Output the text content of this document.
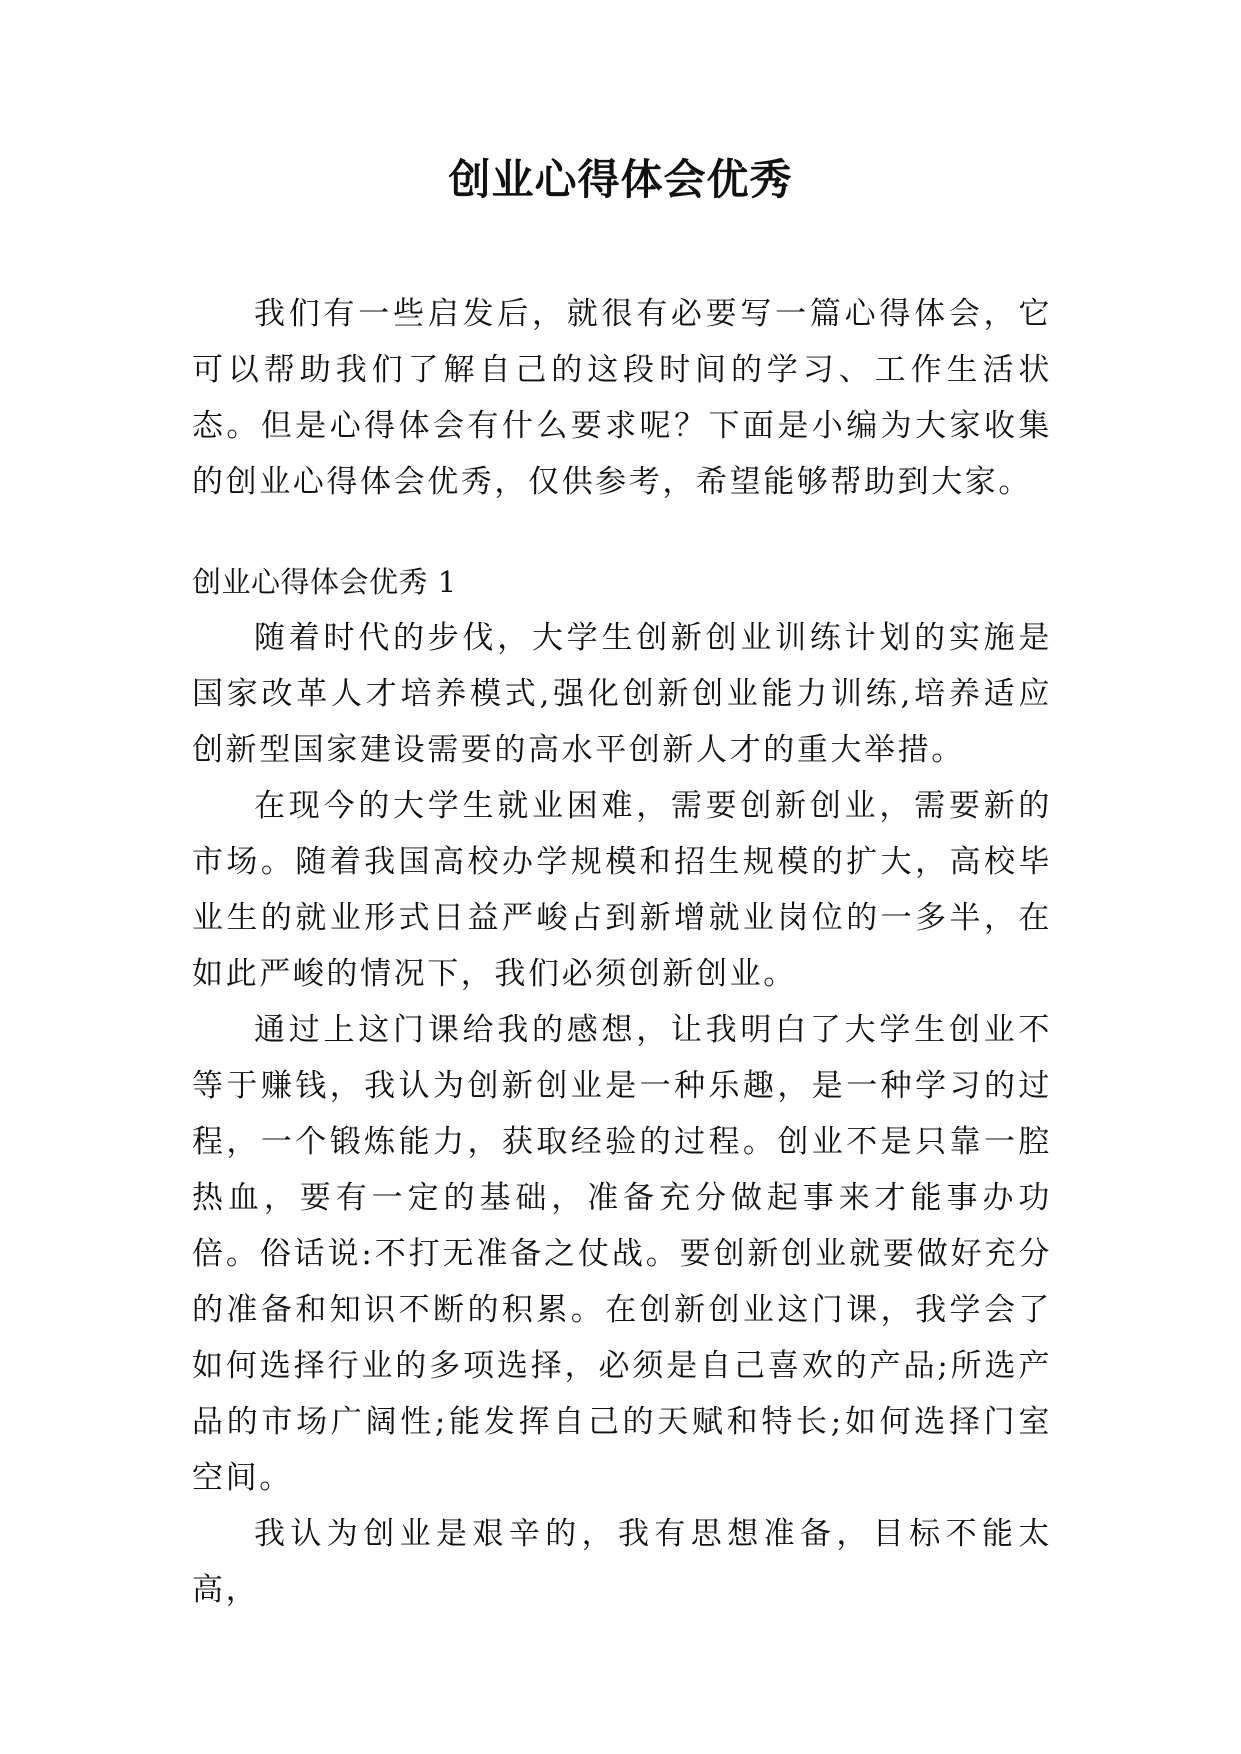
创业心得体会优秀

我们有一些启发后，就很有必要写一篇心得体会，它可以帮助我们了解自己的这段时间的学习、工作生活状态。但是心得体会有什么要求呢？下面是小编为大家收集的创业心得体会优秀，仅供参考，希望能够帮助到大家。

创业心得体会优秀 1

随着时代的步伐，大学生创新创业训练计划的实施是国家改革人才培养模式,强化创新创业能力训练,培养适应创新型国家建设需要的高水平创新人才的重大举措。

在现今的大学生就业困难，需要创新创业，需要新的市场。随着我国高校办学规模和招生规模的扩大，高校毕业生的就业形式日益严峻占到新增就业岗位的一多半，在如此严峻的情况下，我们必须创新创业。

通过上这门课给我的感想，让我明白了大学生创业不等于赚钱，我认为创新创业是一种乐趣，是一种学习的过程，一个锻炼能力，获取经验的过程。创业不是只靠一腔热血，要有一定的基础，准备充分做起事来才能事办功倍。俗话说:不打无准备之仗战。要创新创业就要做好充分的准备和知识不断的积累。在创新创业这门课，我学会了如何选择行业的多项选择，必须是自己喜欢的产品;所选产品的市场广阔性;能发挥自己的天赋和特长;如何选择门室空间。

我认为创业是艰辛的，我有思想准备，目标不能太高，
